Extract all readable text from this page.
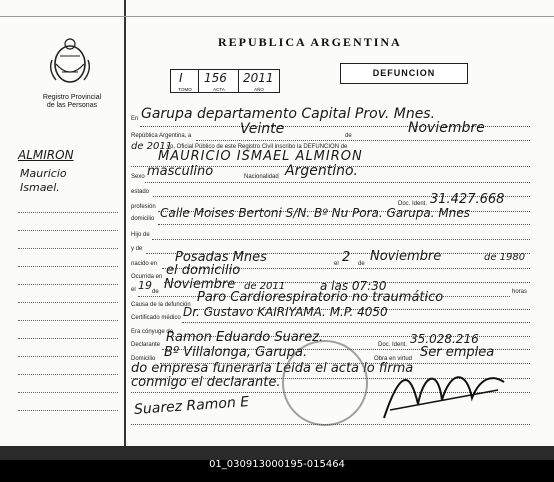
Registro Provincial
de las Personas
ALMIRON
Mauricio
Ismael.
REPUBLICA ARGENTINA
I
TOMO
156
ACTA
2011
AÑO
DEFUNCION
En Garupa departamento Capital Prov. Mnes.
República Argentina, a	Veinte	de	Noviembre
de 2011
yo, Oficial Público de este Registro Civil inscribo la DEFUNCION de
MAURICIO ISMAEL ALMIRON
Sexo masculino	Nacionalidad Argentino.
estado
profesión	Doc. Ident. 31.427.668
domicilio Calle Moises Bertoni S/N. Bº Nu Pora. Garupa. Mnes
Hijo de
y de
nacido en Posadas Mnes	el 2 de Noviembre	de 1980
Ocurrida en el domicilio
el 19 de Noviembre de 2011	a las 07:30	horas
Causa de la defunción Paro Cardiorespiratorio no traumático
Certificado médico Dr. Gustavo KAIRIYAMA. M.P. 4050
Era cónyuge de
Declarante Ramon Eduardo Suarez.	Doc. Ident. 35.028.216
Domicilio Bº Villalonga, Garupa.	Obra en virtud Ser emplea
do empresa funeraria Leida el acta lo firma
conmigo el declarante.
Suarez Ramon E
01_030913000195-015464
